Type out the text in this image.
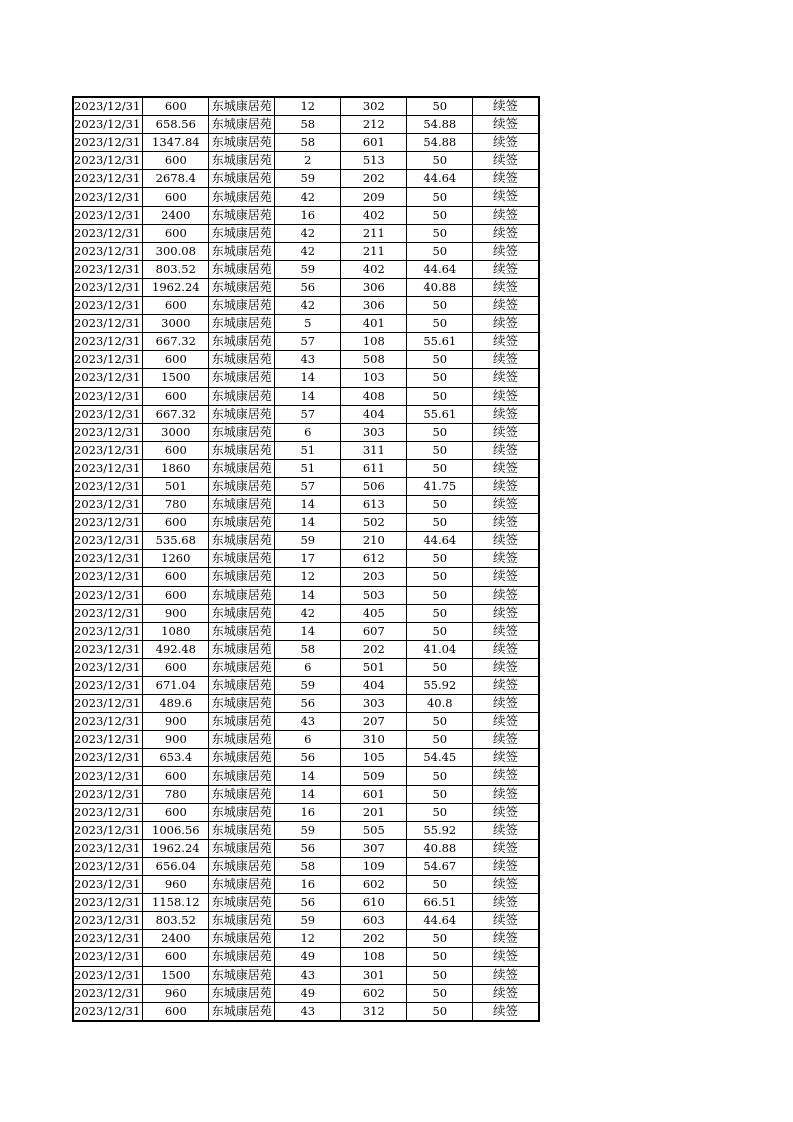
2023/12/31	600	东城康居苑	12	302	50	续签
2023/12/31	658.56	东城康居苑	58	212	54.88	续签
2023/12/31	1347.84	东城康居苑	58	601	54.88	续签
2023/12/31	600	东城康居苑	2	513	50	续签
2023/12/31	2678.4	东城康居苑	59	202	44.64	续签
2023/12/31	600	东城康居苑	42	209	50	续签
2023/12/31	2400	东城康居苑	16	402	50	续签
2023/12/31	600	东城康居苑	42	211	50	续签
2023/12/31	300.08	东城康居苑	42	211	50	续签
2023/12/31	803.52	东城康居苑	59	402	44.64	续签
2023/12/31	1962.24	东城康居苑	56	306	40.88	续签
2023/12/31	600	东城康居苑	42	306	50	续签
2023/12/31	3000	东城康居苑	5	401	50	续签
2023/12/31	667.32	东城康居苑	57	108	55.61	续签
2023/12/31	600	东城康居苑	43	508	50	续签
2023/12/31	1500	东城康居苑	14	103	50	续签
2023/12/31	600	东城康居苑	14	408	50	续签
2023/12/31	667.32	东城康居苑	57	404	55.61	续签
2023/12/31	3000	东城康居苑	6	303	50	续签
2023/12/31	600	东城康居苑	51	311	50	续签
2023/12/31	1860	东城康居苑	51	611	50	续签
2023/12/31	501	东城康居苑	57	506	41.75	续签
2023/12/31	780	东城康居苑	14	613	50	续签
2023/12/31	600	东城康居苑	14	502	50	续签
2023/12/31	535.68	东城康居苑	59	210	44.64	续签
2023/12/31	1260	东城康居苑	17	612	50	续签
2023/12/31	600	东城康居苑	12	203	50	续签
2023/12/31	600	东城康居苑	14	503	50	续签
2023/12/31	900	东城康居苑	42	405	50	续签
2023/12/31	1080	东城康居苑	14	607	50	续签
2023/12/31	492.48	东城康居苑	58	202	41.04	续签
2023/12/31	600	东城康居苑	6	501	50	续签
2023/12/31	671.04	东城康居苑	59	404	55.92	续签
2023/12/31	489.6	东城康居苑	56	303	40.8	续签
2023/12/31	900	东城康居苑	43	207	50	续签
2023/12/31	900	东城康居苑	6	310	50	续签
2023/12/31	653.4	东城康居苑	56	105	54.45	续签
2023/12/31	600	东城康居苑	14	509	50	续签
2023/12/31	780	东城康居苑	14	601	50	续签
2023/12/31	600	东城康居苑	16	201	50	续签
2023/12/31	1006.56	东城康居苑	59	505	55.92	续签
2023/12/31	1962.24	东城康居苑	56	307	40.88	续签
2023/12/31	656.04	东城康居苑	58	109	54.67	续签
2023/12/31	960	东城康居苑	16	602	50	续签
2023/12/31	1158.12	东城康居苑	56	610	66.51	续签
2023/12/31	803.52	东城康居苑	59	603	44.64	续签
2023/12/31	2400	东城康居苑	12	202	50	续签
2023/12/31	600	东城康居苑	49	108	50	续签
2023/12/31	1500	东城康居苑	43	301	50	续签
2023/12/31	960	东城康居苑	49	602	50	续签
2023/12/31	600	东城康居苑	43	312	50	续签
